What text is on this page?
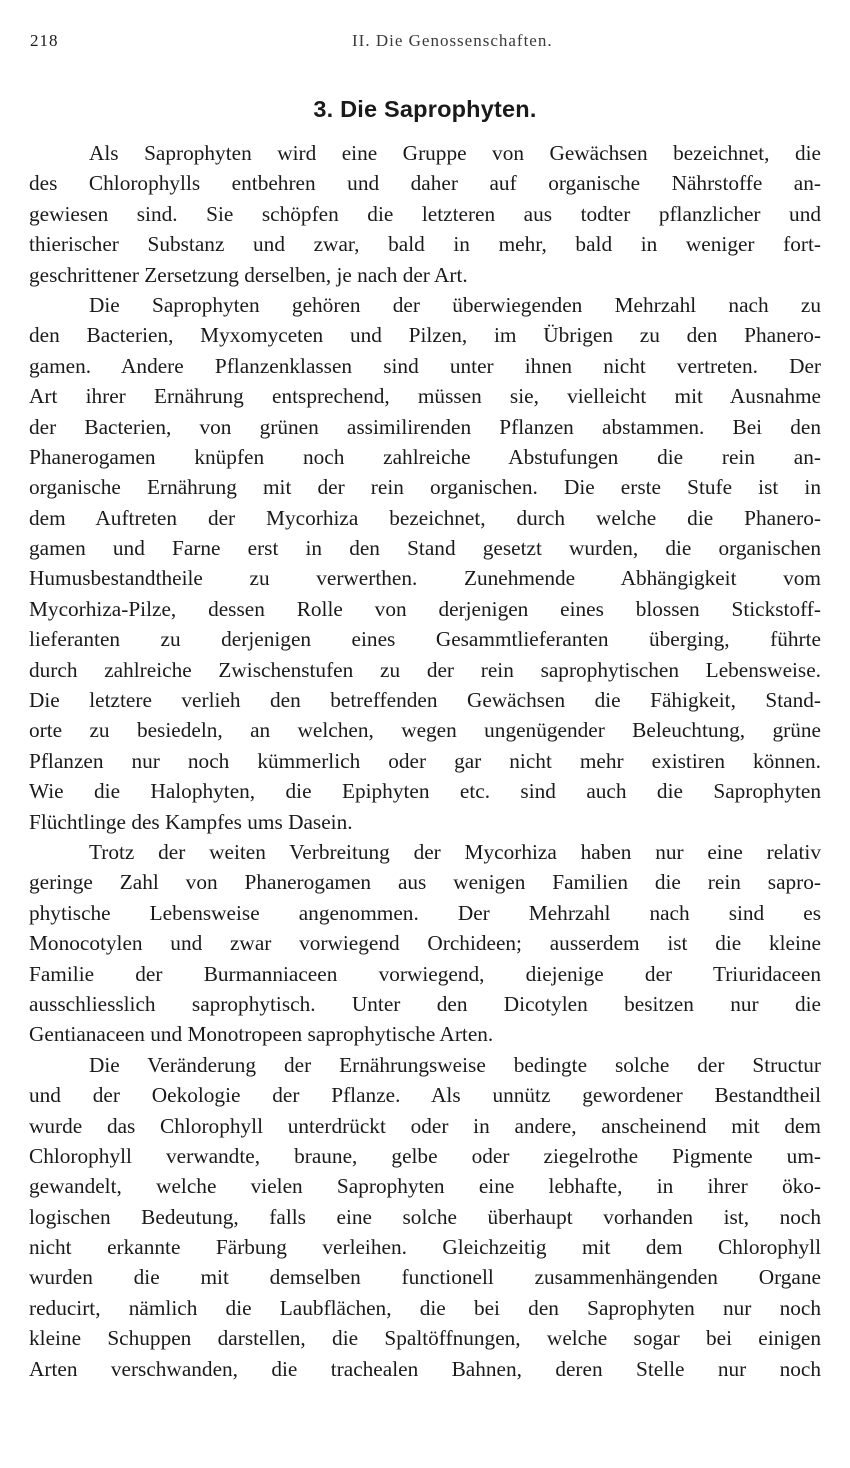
218	II. Die Genossenschaften.
3. Die Saprophyten.
Als Saprophyten wird eine Gruppe von Gewächsen bezeichnet, die
des Chlorophylls entbehren und daher auf organische Nährstoffe an-
gewiesen sind. Sie schöpfen die letzteren aus todter pflanzlicher und
thierischer Substanz und zwar, bald in mehr, bald in weniger fort-
geschrittener Zersetzung derselben, je nach der Art.
Die Saprophyten gehören der überwiegenden Mehrzahl nach zu
den Bacterien, Myxomyceten und Pilzen, im Übrigen zu den Phanero-
gamen. Andere Pflanzenklassen sind unter ihnen nicht vertreten. Der
Art ihrer Ernährung entsprechend, müssen sie, vielleicht mit Ausnahme
der Bacterien, von grünen assimilirenden Pflanzen abstammen. Bei den
Phanerogamen knüpfen noch zahlreiche Abstufungen die rein an-
organische Ernährung mit der rein organischen. Die erste Stufe ist in
dem Auftreten der Mycorhiza bezeichnet, durch welche die Phanero-
gamen und Farne erst in den Stand gesetzt wurden, die organischen
Humusbestandtheile zu verwerthen. Zunehmende Abhängigkeit vom
Mycorhiza-Pilze, dessen Rolle von derjenigen eines blossen Stickstoff-
lieferanten zu derjenigen eines Gesammtlieferanten überging, führte
durch zahlreiche Zwischenstufen zu der rein saprophytischen Lebensweise.
Die letztere verlieh den betreffenden Gewächsen die Fähigkeit, Stand-
orte zu besiedeln, an welchen, wegen ungenügender Beleuchtung, grüne
Pflanzen nur noch kümmerlich oder gar nicht mehr existiren können.
Wie die Halophyten, die Epiphyten etc. sind auch die Saprophyten
Flüchtlinge des Kampfes ums Dasein.
Trotz der weiten Verbreitung der Mycorhiza haben nur eine relativ
geringe Zahl von Phanerogamen aus wenigen Familien die rein sapro-
phytische Lebensweise angenommen. Der Mehrzahl nach sind es
Monocotylen und zwar vorwiegend Orchideen; ausserdem ist die kleine
Familie der Burmanniaceen vorwiegend, diejenige der Triuridaceen
ausschliesslich saprophytisch. Unter den Dicotylen besitzen nur die
Gentianaceen und Monotropeen saprophytische Arten.
Die Veränderung der Ernährungsweise bedingte solche der Structur
und der Oekologie der Pflanze. Als unnütz gewordener Bestandtheil
wurde das Chlorophyll unterdrückt oder in andere, anscheinend mit dem
Chlorophyll verwandte, braune, gelbe oder ziegelrothe Pigmente um-
gewandelt, welche vielen Saprophyten eine lebhafte, in ihrer öko-
logischen Bedeutung, falls eine solche überhaupt vorhanden ist, noch
nicht erkannte Färbung verleihen. Gleichzeitig mit dem Chlorophyll
wurden die mit demselben functionell zusammenhängenden Organe
reducirt, nämlich die Laubflächen, die bei den Saprophyten nur noch
kleine Schuppen darstellen, die Spaltöffnungen, welche sogar bei einigen
Arten verschwanden, die trachealen Bahnen, deren Stelle nur noch
